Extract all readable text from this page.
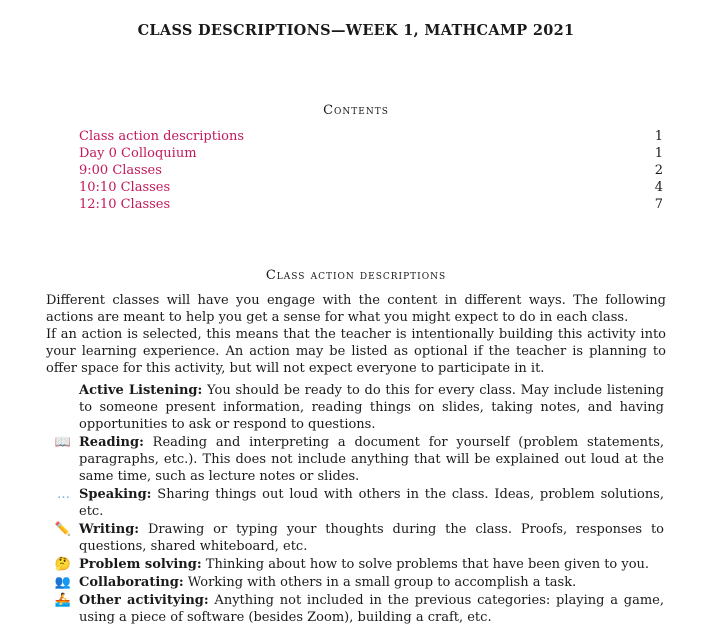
CLASS DESCRIPTIONS—WEEK 1, MATHCAMP 2021
Contents
Class action descriptions	1
Day 0 Colloquium	1
9:00 Classes	2
10:10 Classes	4
12:10 Classes	7
Class action descriptions
Different classes will have you engage with the content in different ways. The following actions are meant to help you get a sense for what you might expect to do in each class.
If an action is selected, this means that the teacher is intentionally building this activity into your learning experience. An action may be listed as optional if the teacher is planning to offer space for this activity, but will not expect everyone to participate in it.
Active Listening: You should be ready to do this for every class. May include listening to someone present information, reading things on slides, taking notes, and having opportunities to ask or respond to questions.
📖 Reading: Reading and interpreting a document for yourself (problem statements, paragraphs, etc.). This does not include anything that will be explained out loud at the same time, such as lecture notes or slides.
… Speaking: Sharing things out loud with others in the class. Ideas, problem solutions, etc.
✏️ Writing: Drawing or typing your thoughts during the class. Proofs, responses to questions, shared whiteboard, etc.
🤔 Problem solving: Thinking about how to solve problems that have been given to you.
👥 Collaborating: Working with others in a small group to accomplish a task.
🚣 Other activitying: Anything not included in the previous categories: playing a game, using a piece of software (besides Zoom), building a craft, etc.
